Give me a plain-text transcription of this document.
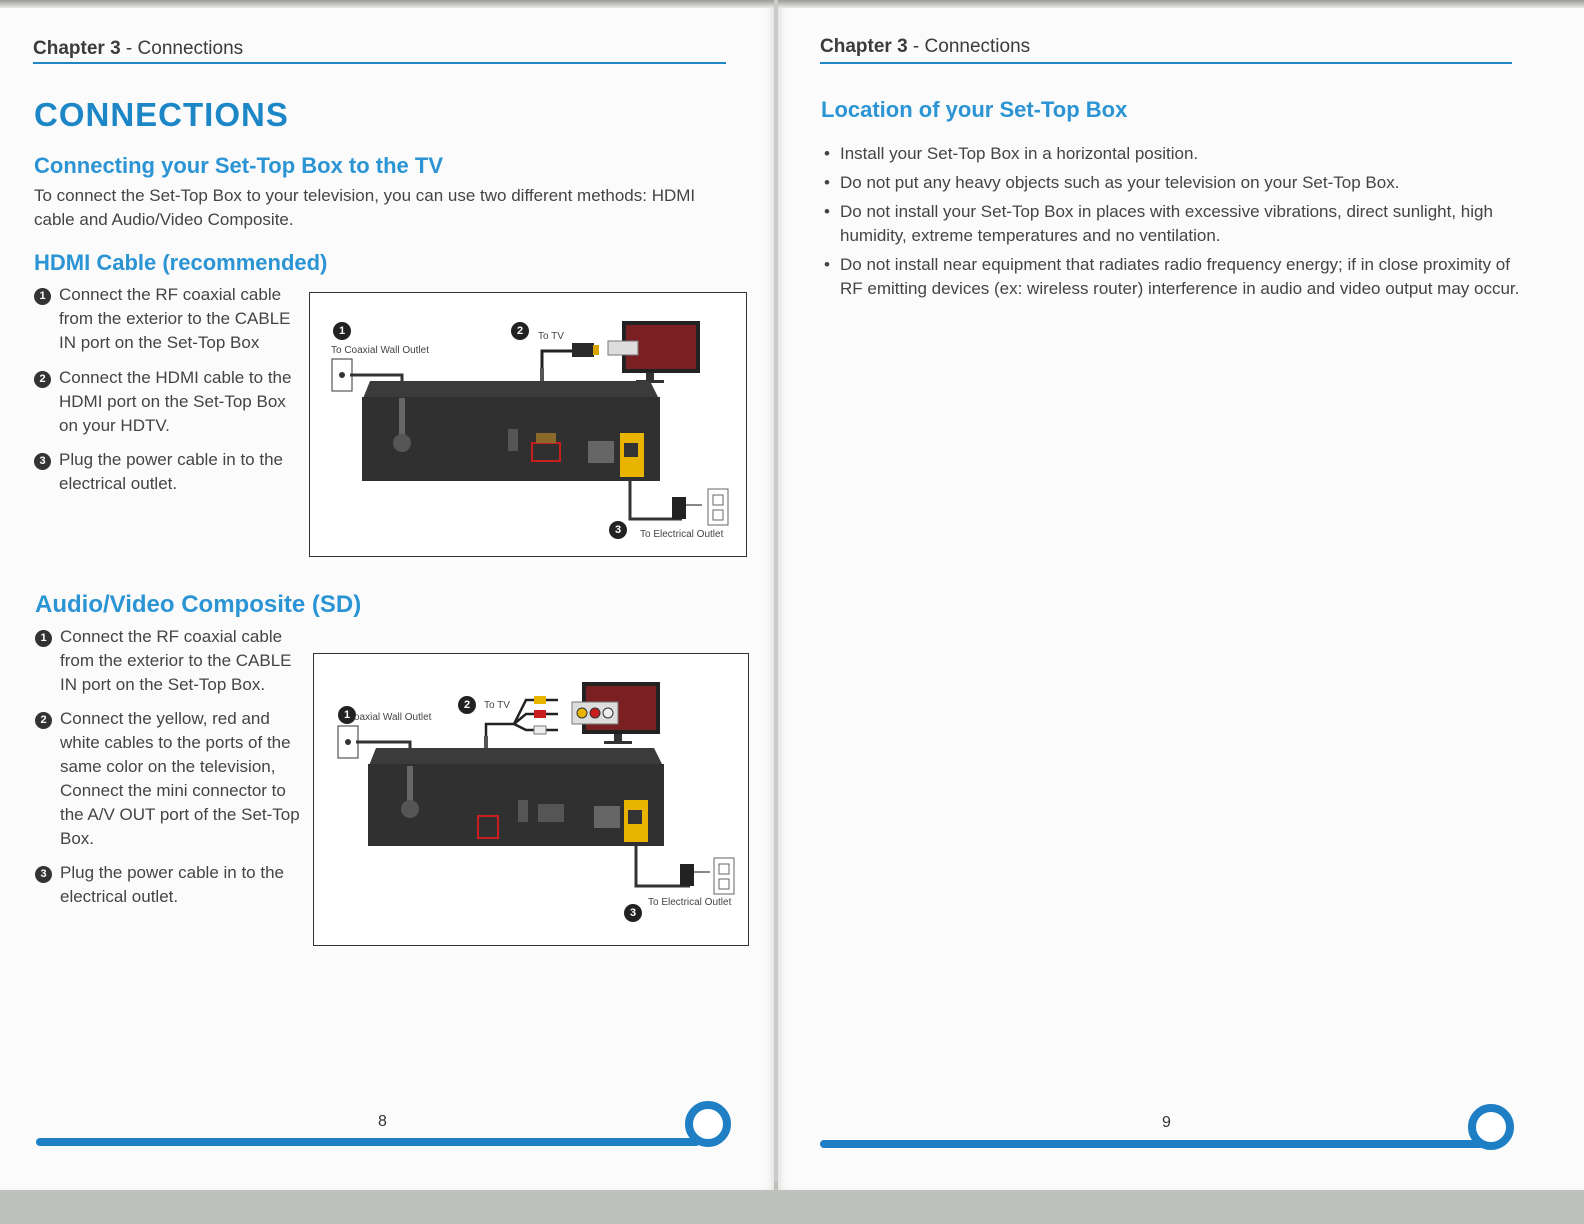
Chapter 3 - Connections
CONNECTIONS
Connecting your Set-Top Box to the TV
To connect the Set-Top Box to your television, you can use two different methods: HDMI cable and Audio/Video Composite.
HDMI Cable (recommended)
1 Connect the RF coaxial cable from the exterior to the CABLE IN port on the Set-Top Box
2 Connect the HDMI cable to the HDMI port on the Set-Top Box on your HDTV.
3 Plug the power cable in to the electrical outlet.
1
To Coaxial Wall Outlet
2	To TV
3	To Electrical Outlet
Audio/Video Composite (SD)
1 Connect the RF coaxial cable from the exterior to the CABLE IN port on the Set-Top Box.
2 Connect the yellow, red and white cables to the ports of the same color on the television, Connect the mini connector to the A/V OUT port of the Set-Top Box.
3 Plug the power cable in to the electrical outlet.
1 oaxial Wall Outlet
2	To TV
3
To Electrical Outlet
8
Chapter 3 - Connections
Location of your Set-Top Box
• Install your Set-Top Box in a horizontal position.
• Do not put any heavy objects such as your television on your Set-Top Box.
• Do not install your Set-Top Box in places with excessive vibrations, direct sunlight, high humidity, extreme temperatures and no ventilation.
• Do not install near equipment that radiates radio frequency energy; if in close proximity of RF emitting devices (ex: wireless router) interference in audio and video output may occur.
9
